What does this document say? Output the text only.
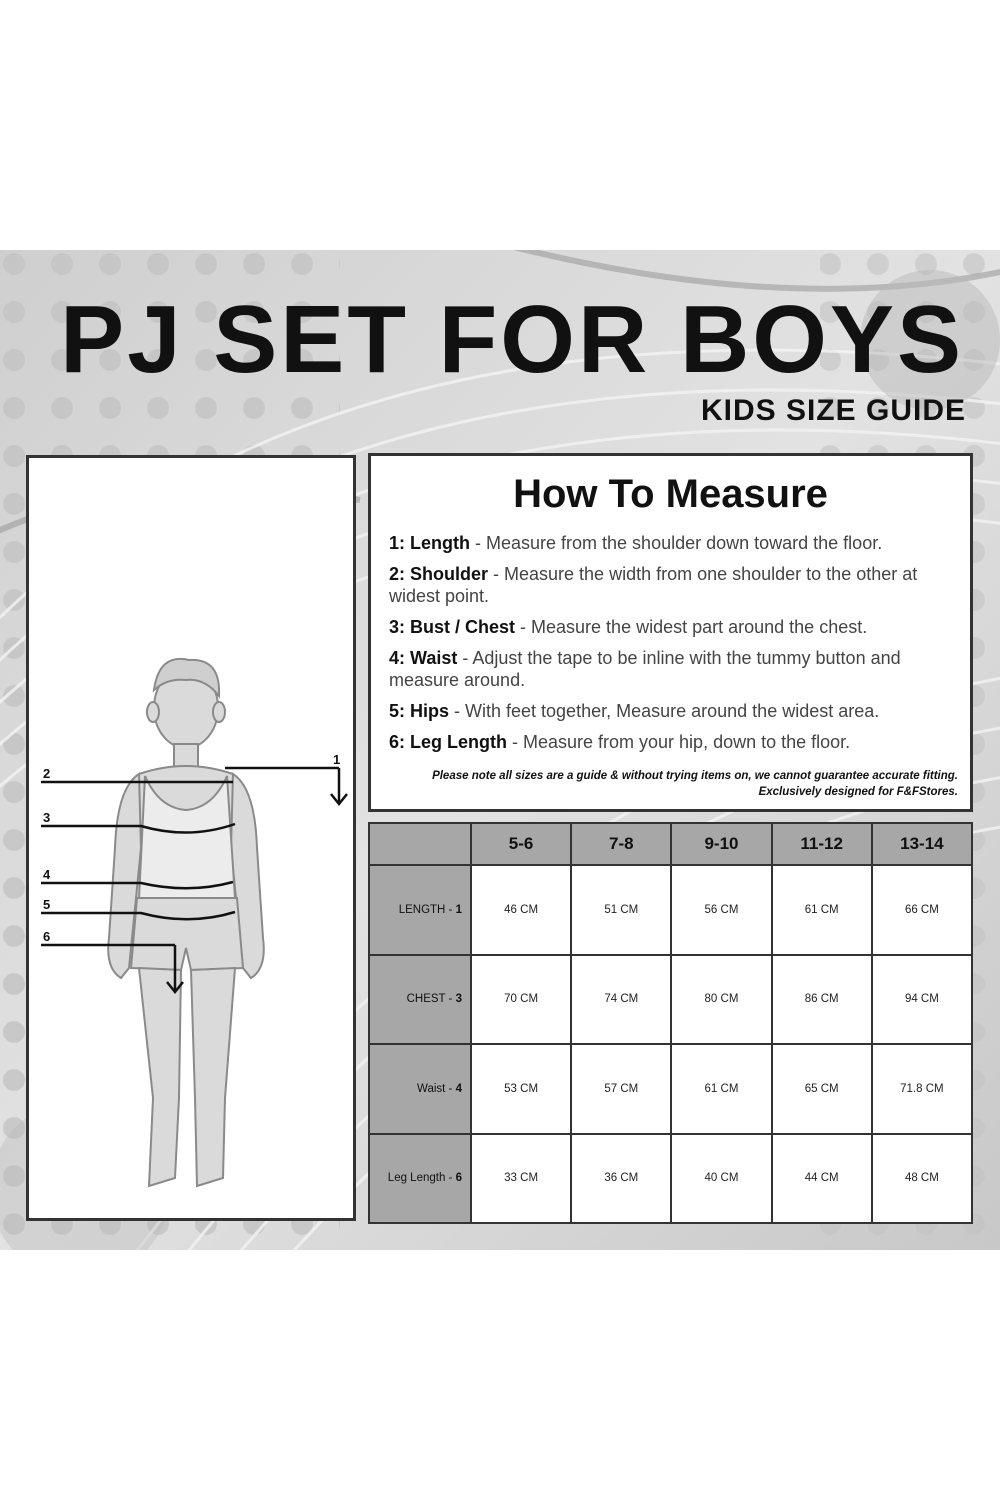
PJ SET FOR BOYS
KIDS SIZE GUIDE
1
2
3
4
5
6
How To Measure
1: Length - Measure from the shoulder down toward the floor.
2: Shoulder - Measure the width from one shoulder to the other at widest point.
3: Bust / Chest - Measure the widest part around the chest.
4: Waist - Adjust the tape to be inline with the tummy button and measure around.
5: Hips - With feet together, Measure around the widest area.
6: Leg Length - Measure from your hip, down to the floor.
Please note all sizes are a guide & without trying items on, we cannot guarantee accurate fitting.
Exclusively designed for F&FStores.
	5-6	7-8	9-10	11-12	13-14
LENGTH - 1	46 CM	51 CM	56 CM	61 CM	66 CM
CHEST - 3	70 CM	74 CM	80 CM	86 CM	94 CM
Waist - 4	53 CM	57 CM	61 CM	65 CM	71.8 CM
Leg Length - 6	33 CM	36 CM	40 CM	44 CM	48 CM
